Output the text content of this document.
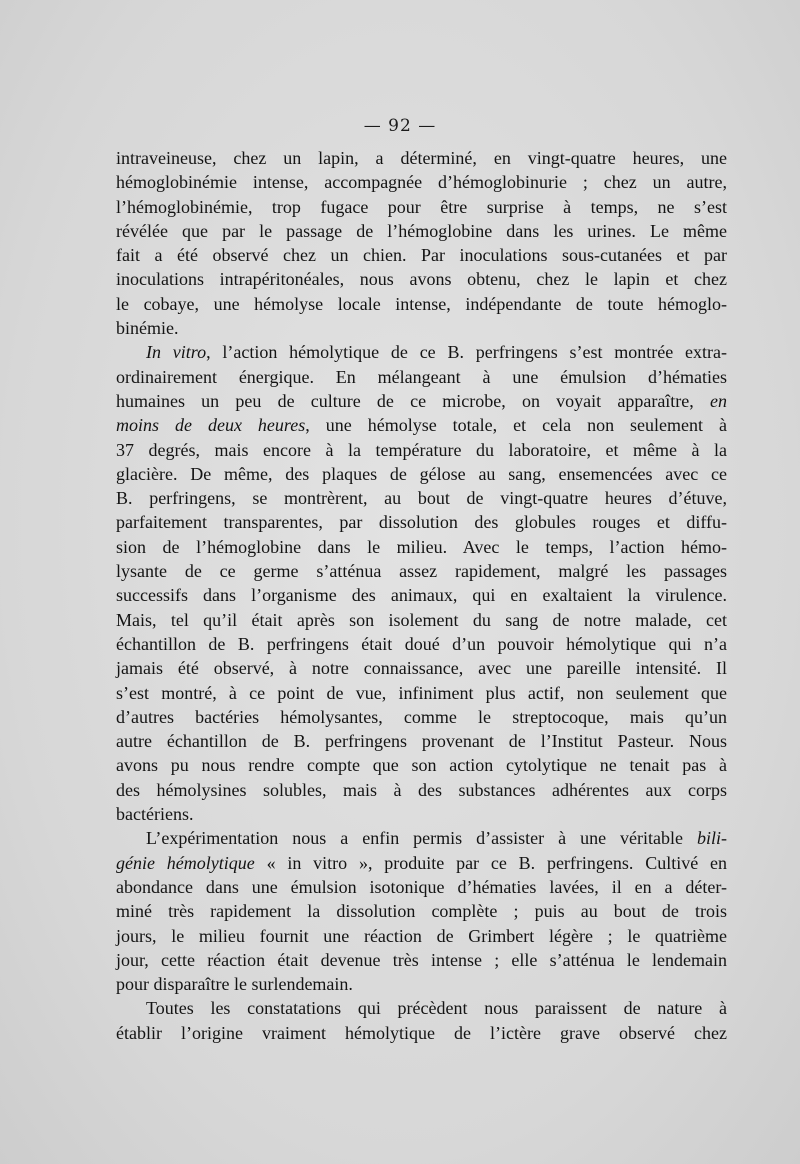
— 92 —
intraveineuse, chez un lapin, a déterminé, en vingt-quatre heures, une
hémoglobinémie intense, accompagnée d’hémoglobinurie ; chez un autre,
l’hémoglobinémie, trop fugace pour être surprise à temps, ne s’est
révélée que par le passage de l’hémoglobine dans les urines. Le même
fait a été observé chez un chien. Par inoculations sous-cutanées et par
inoculations intrapéritonéales, nous avons obtenu, chez le lapin et chez
le cobaye, une hémolyse locale intense, indépendante de toute hémoglo-
binémie.
In vitro, l’action hémolytique de ce B. perfringens s’est montrée extra-
ordinairement énergique. En mélangeant à une émulsion d’hématies
humaines un peu de culture de ce microbe, on voyait apparaître, en
moins de deux heures, une hémolyse totale, et cela non seulement à
37 degrés, mais encore à la température du laboratoire, et même à la
glacière. De même, des plaques de gélose au sang, ensemencées avec ce
B. perfringens, se montrèrent, au bout de vingt-quatre heures d’étuve,
parfaitement transparentes, par dissolution des globules rouges et diffu-
sion de l’hémoglobine dans le milieu. Avec le temps, l’action hémo-
lysante de ce germe s’atténua assez rapidement, malgré les passages
successifs dans l’organisme des animaux, qui en exaltaient la virulence.
Mais, tel qu’il était après son isolement du sang de notre malade, cet
échantillon de B. perfringens était doué d’un pouvoir hémolytique qui n’a
jamais été observé, à notre connaissance, avec une pareille intensité. Il
s’est montré, à ce point de vue, infiniment plus actif, non seulement que
d’autres bactéries hémolysantes, comme le streptocoque, mais qu’un
autre échantillon de B. perfringens provenant de l’Institut Pasteur. Nous
avons pu nous rendre compte que son action cytolytique ne tenait pas à
des hémolysines solubles, mais à des substances adhérentes aux corps
bactériens.
L’expérimentation nous a enfin permis d’assister à une véritable bili-
génie hémolytique « in vitro », produite par ce B. perfringens. Cultivé en
abondance dans une émulsion isotonique d’hématies lavées, il en a déter-
miné très rapidement la dissolution complète ; puis au bout de trois
jours, le milieu fournit une réaction de Grimbert légère ; le quatrième
jour, cette réaction était devenue très intense ; elle s’atténua le lendemain
pour disparaître le surlendemain.
Toutes les constatations qui précèdent nous paraissent de nature à
établir l’origine vraiment hémolytique de l’ictère grave observé chez
